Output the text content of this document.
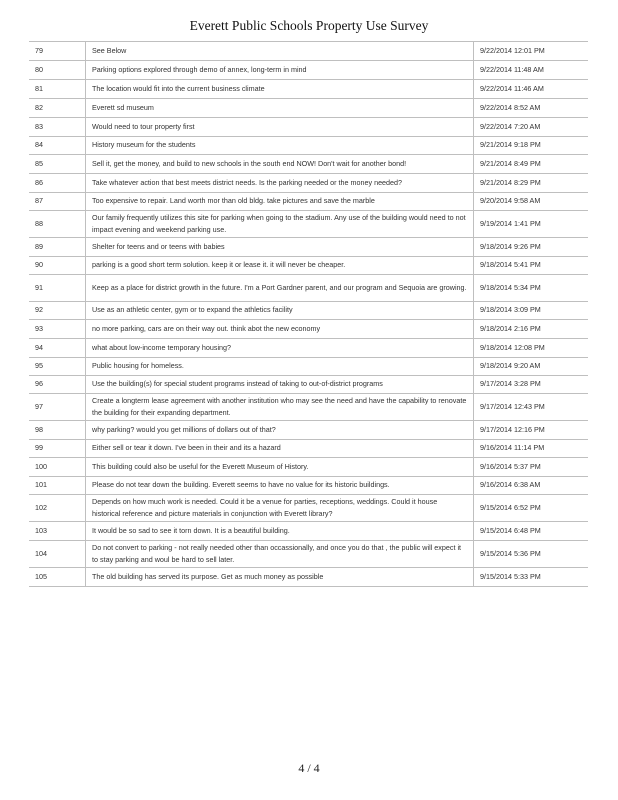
Everett Public Schools Property Use Survey
79	See Below	9/22/2014 12:01 PM
80	Parking options explored through demo of annex, long-term in mind	9/22/2014 11:48 AM
81	The location would fit into the current business climate	9/22/2014 11:46 AM
82	Everett sd museum	9/22/2014 8:52 AM
83	Would need to tour property first	9/22/2014 7:20 AM
84	History museum for the students	9/21/2014 9:18 PM
85	Sell it, get the money, and build to new schools in the south end NOW! Don't wait for another bond!	9/21/2014 8:49 PM
86	Take whatever action that best meets district needs. Is the parking needed or the money needed?	9/21/2014 8:29 PM
87	Too expensive to repair. Land worth mor than old bldg. take pictures and save the marble	9/20/2014 9:58 AM
88	Our family frequently utilizes this site for parking when going to the stadium. Any use of the building would need to not impact evening and weekend parking use.	9/19/2014 1:41 PM
89	Shelter for teens and or teens with babies	9/18/2014 9:26 PM
90	parking is a good short term solution. keep it or lease it. it will never be cheaper.	9/18/2014 5:41 PM
91	Keep as a place for district growth in the future. I'm a Port Gardner parent, and our program and Sequoia are growing.	9/18/2014 5:34 PM
92	Use as an athletic center, gym or to expand the athletics facility	9/18/2014 3:09 PM
93	no more parking, cars are on their way out. think abot the new economy	9/18/2014 2:16 PM
94	what about low-income temporary housing?	9/18/2014 12:08 PM
95	Public housing for homeless.	9/18/2014 9:20 AM
96	Use the building(s) for special student programs instead of taking to out-of-district programs	9/17/2014 3:28 PM
97	Create a longterm lease agreement with another institution who may see the need and have the capability to renovate the building for their expanding department.	9/17/2014 12:43 PM
98	why parking? would you get millions of dollars out of that?	9/17/2014 12:16 PM
99	Either sell or tear it down. I've been in their and its a hazard	9/16/2014 11:14 PM
100	This building could also be useful for the Everett Museum of History.	9/16/2014 5:37 PM
101	Please do not tear down the building. Everett seems to have no value for its historic buildings.	9/16/2014 6:38 AM
102	Depends on how much work is needed. Could it be a venue for parties, receptions, weddings. Could it house historical reference and picture materials in conjunction with Everett library?	9/15/2014 6:52 PM
103	It would be so sad to see it torn down. It is a beautiful building.	9/15/2014 6:48 PM
104	Do not convert to parking - not really needed other than occassionally, and once you do that , the public will expect it to stay parking and woul be hard to sell later.	9/15/2014 5:36 PM
105	The old building has served its purpose. Get as much money as possible	9/15/2014 5:33 PM
4 / 4
